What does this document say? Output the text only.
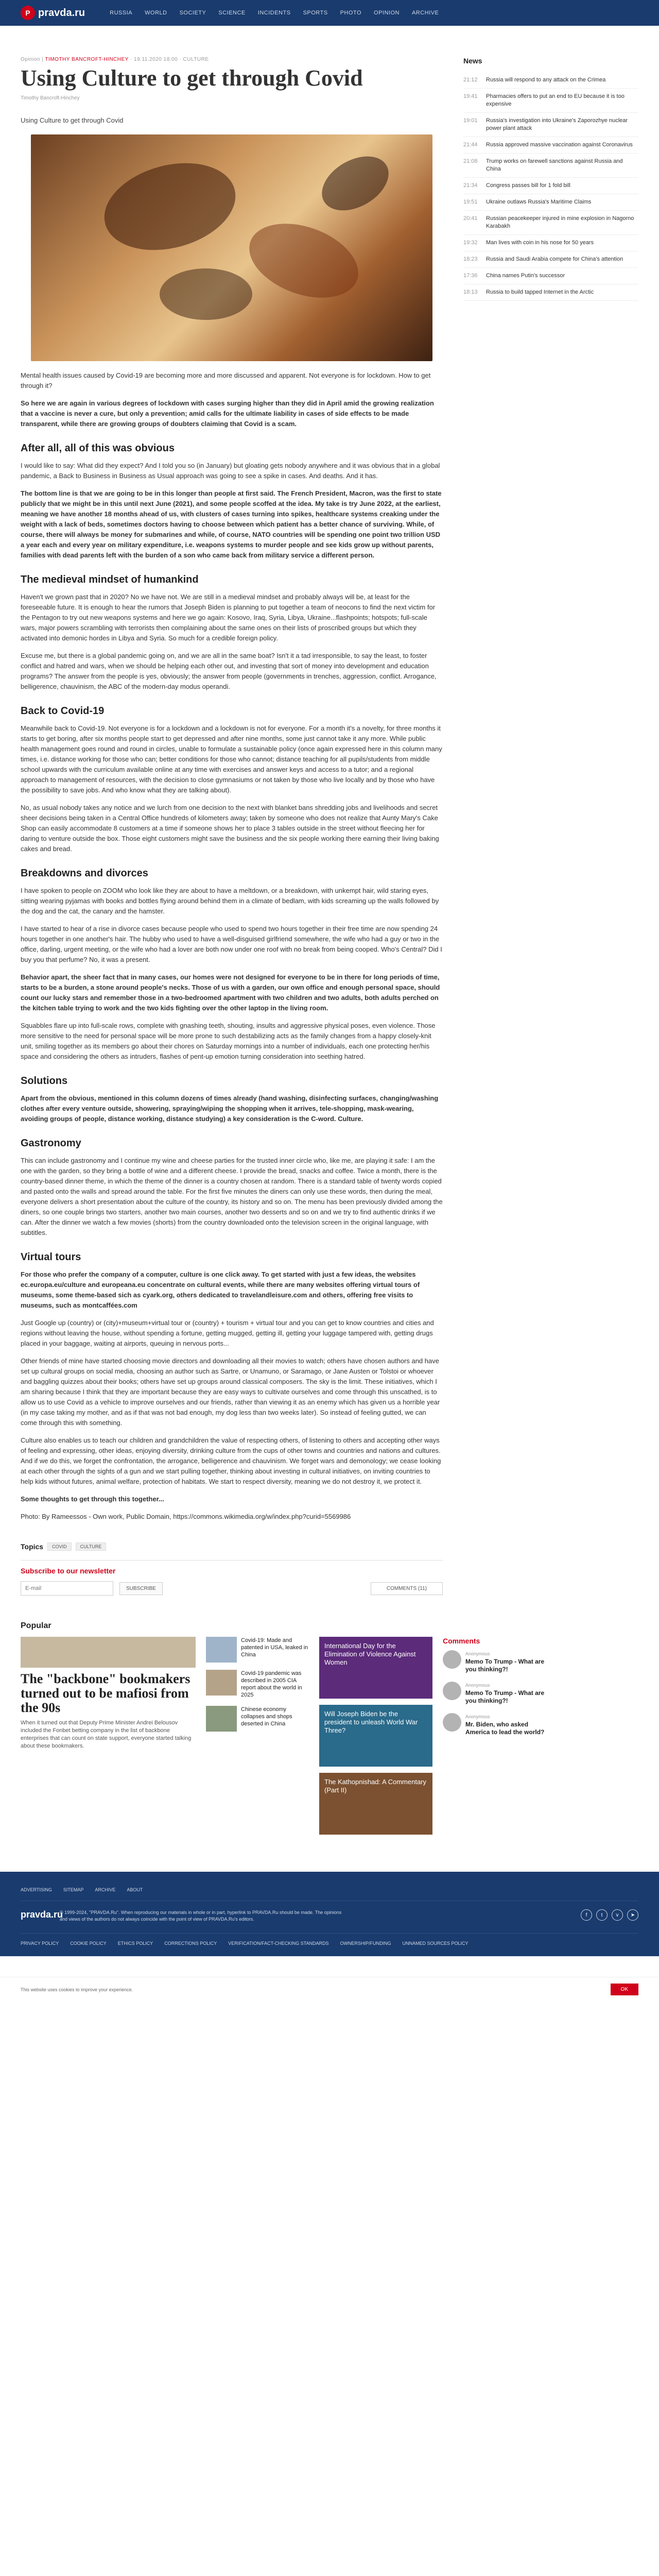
P pravda.ru	RUSSIA WORLD SOCIETY SCIENCE INCIDENTS SPORTS PHOTO OPINION ARCHIVE
Opinion | TIMOTHY BANCROFT-HINCHEY · 19.11.2020 18:00 · CULTURE
Using Culture to get through Covid
Timothy Bancroft-Hinchey

Using Culture to get through Covid

Mental health issues caused by Covid-19 are becoming more and more discussed and apparent. Not everyone is for lockdown. How to get through it?

So here we are again in various degrees of lockdown with cases surging higher than they did in April amid the growing realization that a vaccine is never a cure, but only a prevention; amid calls for the ultimate liability in cases of side effects to be made transparent, while there are growing groups of doubters claiming that Covid is a scam.

After all, all of this was obvious

I would like to say: What did they expect? And I told you so (in January) but gloating gets nobody anywhere and it was obvious that in a global pandemic, a Back to Business in Business as Usual approach was going to see a spike in cases. And deaths. And it has.

The bottom line is that we are going to be in this longer than people at first said. The French President, Macron, was the first to state publicly that we might be in this until next June (2021), and some people scoffed at the idea. My take is try June 2022, at the earliest, meaning we have another 18 months ahead of us, with clusters of cases turning into spikes, healthcare systems creaking under the weight with a lack of beds, sometimes doctors having to choose between which patient has a better chance of surviving. While, of course, there will always be money for submarines and while, of course, NATO countries will be spending one point two trillion USD a year each and every year on military expenditure, i.e. weapons systems to murder people and see kids grow up without parents, families with dead parents left with the burden of a son who came back from military service a different person.

The medieval mindset of humankind

Haven't we grown past that in 2020? No we have not. We are still in a medieval mindset and probably always will be, at least for the foreseeable future. It is enough to hear the rumors that Joseph Biden is planning to put together a team of neocons to find the next victim for the Pentagon to try out new weapons systems and here we go again: Kosovo, Iraq, Syria, Libya, Ukraine...flashpoints; hotspots; full-scale wars, major powers scrambling with terrorists then complaining about the same ones on their lists of proscribed groups but which they activated into demonic hordes in Libya and Syria. So much for a credible foreign policy.

Excuse me, but there is a global pandemic going on, and we are all in the same boat? Isn't it a tad irresponsible, to say the least, to foster conflict and hatred and wars, when we should be helping each other out, and investing that sort of money into development and education programs? The answer from the people is yes, obviously; the answer from people (governments in trenches, aggression, conflict. Arrogance, belligerence, chauvinism, the ABC of the modern-day modus operandi.

Back to Covid-19

Meanwhile back to Covid-19. Not everyone is for a lockdown and a lockdown is not for everyone. For a month it's a novelty, for three months it starts to get boring, after six months people start to get depressed and after nine months, some just cannot take it any more. While public health management goes round and round in circles, unable to formulate a sustainable policy (once again expressed here in this column many times, i.e. distance working for those who can; better conditions for those who cannot; distance teaching for all pupils/students from middle school upwards with the curriculum available online at any time with exercises and answer keys and access to a tutor; and a regional approach to management of resources, with the decision to close gymnasiums or not taken by those who live locally and by those who have the possibility to save jobs. And who know what they are talking about).

No, as usual nobody takes any notice and we lurch from one decision to the next with blanket bans shredding jobs and livelihoods and secret sheer decisions being taken in a Central Office hundreds of kilometers away; taken by someone who does not realize that Aunty Mary's Cake Shop can easily accommodate 8 customers at a time if someone shows her to place 3 tables outside in the street without fleecing her for daring to venture outside the box. Those eight customers might save the business and the six people working there earning their living baking cakes and bread.

Breakdowns and divorces

I have spoken to people on ZOOM who look like they are about to have a meltdown, or a breakdown, with unkempt hair, wild staring eyes, sitting wearing pyjamas with books and bottles flying around behind them in a climate of bedlam, with kids screaming up the walls followed by the dog and the cat, the canary and the hamster.

I have started to hear of a rise in divorce cases because people who used to spend two hours together in their free time are now spending 24 hours together in one another's hair. The hubby who used to have a well-disguised girlfriend somewhere, the wife who had a guy or two in the office, darling, urgent meeting, or the wife who had a lover are both now under one roof with no break from being cooped. Who's Central? Did I buy you that perfume? No, it was a present.

Behavior apart, the sheer fact that in many cases, our homes were not designed for everyone to be in there for long periods of time, starts to be a burden, a stone around people's necks. Those of us with a garden, our own office and enough personal space, should count our lucky stars and remember those in a two-bedroomed apartment with two children and two adults, both adults perched on the kitchen table trying to work and the two kids fighting over the other laptop in the living room.

Squabbles flare up into full-scale rows, complete with gnashing teeth, shouting, insults and aggressive physical poses, even violence. Those more sensitive to the need for personal space will be more prone to such destabilizing acts as the family changes from a happy closely-knit unit, smiling together as its members go about their chores on Saturday mornings into a number of individuals, each one protecting her/his space and considering the others as intruders, flashes of pent-up emotion turning consideration into seething hatred.

Solutions

Apart from the obvious, mentioned in this column dozens of times already (hand washing, disinfecting surfaces, changing/washing clothes after every venture outside, showering, spraying/wiping the shopping when it arrives, tele-shopping, mask-wearing, avoiding groups of people, distance working, distance studying) a key consideration is the C-word. Culture.

Gastronomy

This can include gastronomy and I continue my wine and cheese parties for the trusted inner circle who, like me, are playing it safe: I am the one with the garden, so they bring a bottle of wine and a different cheese. I provide the bread, snacks and coffee. Twice a month, there is the country-based dinner theme, in which the theme of the dinner is a country chosen at random. There is a standard table of twenty words copied and pasted onto the walls and spread around the table. For the first five minutes the diners can only use these words, then during the meal, everyone delivers a short presentation about the culture of the country, its history and so on. The menu has been previously divided among the diners, so one couple brings two starters, another two main courses, another two desserts and so on and we try to find authentic drinks if we can. After the dinner we watch a few movies (shorts) from the country downloaded onto the television screen in the original language, with subtitles.

Virtual tours

For those who prefer the company of a computer, culture is one click away. To get started with just a few ideas, the websites ec.europa.eu/culture and europeana.eu concentrate on cultural events, while there are many websites offering virtual tours of museums, some theme-based sich as cyark.org, others dedicated to travelandleisure.com and others, offering free visits to museums, such as montcaffées.com

Just Google up (country) or (city)+museum+virtual tour or (country) + tourism + virtual tour and you can get to know countries and cities and regions without leaving the house, without spending a fortune, getting mugged, getting ill, getting your luggage tampered with, getting drugs placed in your baggage, waiting at airports, queuing in nervous ports...

Other friends of mine have started choosing movie directors and downloading all their movies to watch; others have chosen authors and have set up cultural groups on social media, choosing an author such as Sartre, or Unamuno, or Saramago, or Jane Austen or Tolstoi or whoever and baggling quizzes about their books; others have set up groups around classical composers. The sky is the limit. These initiatives, which I am sharing because I think that they are important because they are easy ways to cultivate ourselves and come through this unscathed, is to allow us to use Covid as a vehicle to improve ourselves and our friends, rather than viewing it as an enemy which has given us a horrible year (in my case taking my mother, and as if that was not bad enough, my dog less than two weeks later). So instead of feeling gutted, we can come through this with something.

Culture also enables us to teach our children and grandchildren the value of respecting others, of listening to others and accepting other ways of feeling and expressing, other ideas, enjoying diversity, drinking culture from the cups of other towns and countries and nations and cultures. And if we do this, we forget the confrontation, the arrogance, belligerence and chauvinism. We forget wars and demonology; we cease looking at each other through the sights of a gun and we start pulling together, thinking about investing in cultural initiatives, on inviting countries to help kids without futures, animal welfare, protection of habitats. We start to respect diversity, meaning we do not destroy it, we protect it.

Some thoughts to get through this together...

Photo: By Rameessos - Own work, Public Domain, https://commons.wikimedia.org/w/index.php?curid=5569986

Topics	COVID	CULTURE
Subscribe to our newsletter
E-mail
SUBSCRIBE	COMMENTS (11)
News
21:12	Russia will respond to any attack on the Crimea
19:41	Pharmacies offers to put an end to EU because it is too expensive
19:01	Russia's investigation into Ukraine's Zaporozhye nuclear power plant attack
21:44	Russia approved massive vaccination against Coronavirus
21:08	Trump works on farewell sanctions against Russia and China
21:34	Congress passes bill for 1 fold bill
19:51	Ukraine outlaws Russia's Maritime Claims
20:41	Russian peacekeeper injured in mine explosion in Nagorno Karabakh
19:32	Man lives with coin in his nose for 50 years
18:23	Russia and Saudi Arabia compete for China's attention
17:36	China names Putin's successor
18:13	Russia to build tapped Internet in the Arctic
Popular
The "backbone" bookmakers turned out to be mafiosi from the 90s
When it turned out that Deputy Prime Minister Andrei Belousov included the Fonbet betting company in the list of backbone enterprises that can count on state support, everyone started talking about these bookmakers.
Covid-19: Made and patented in USA, leaked in China
Covid-19 pandemic was described in 2005 CIA report about the world in 2025
Chinese economy collapses and shops deserted in China
International Day for the Elimination of Violence Against Women
Will Joseph Biden be the president to unleash World War Three?
The Kathopnishad: A Commentary (Part II)
Comments
Anonymous
Memo To Trump - What are you thinking?!
Anonymous
Memo To Trump - What are you thinking?!
Anonymous
Mr. Biden, who asked America to lead the world?
ADVERTISING SITEMAP ARCHIVE ABOUT
pravda.ru
© 1999-2024, "PRAVDA.Ru". When reproducing our materials in whole or in part, hyperlink to PRAVDA.Ru should be made. The opinions and views of the authors do not always coincide with the point of view of PRAVDA.Ru's editors.
f	t	v	➤
PRIVACY POLICY COOKIE POLICY ETHICS POLICY CORRECTIONS POLICY VERIFICATION/FACT-CHECKING STANDARDS OWNERSHIP/FUNDING UNNAMED SOURCES POLICY
This website uses cookies to improve your experience.	OK
